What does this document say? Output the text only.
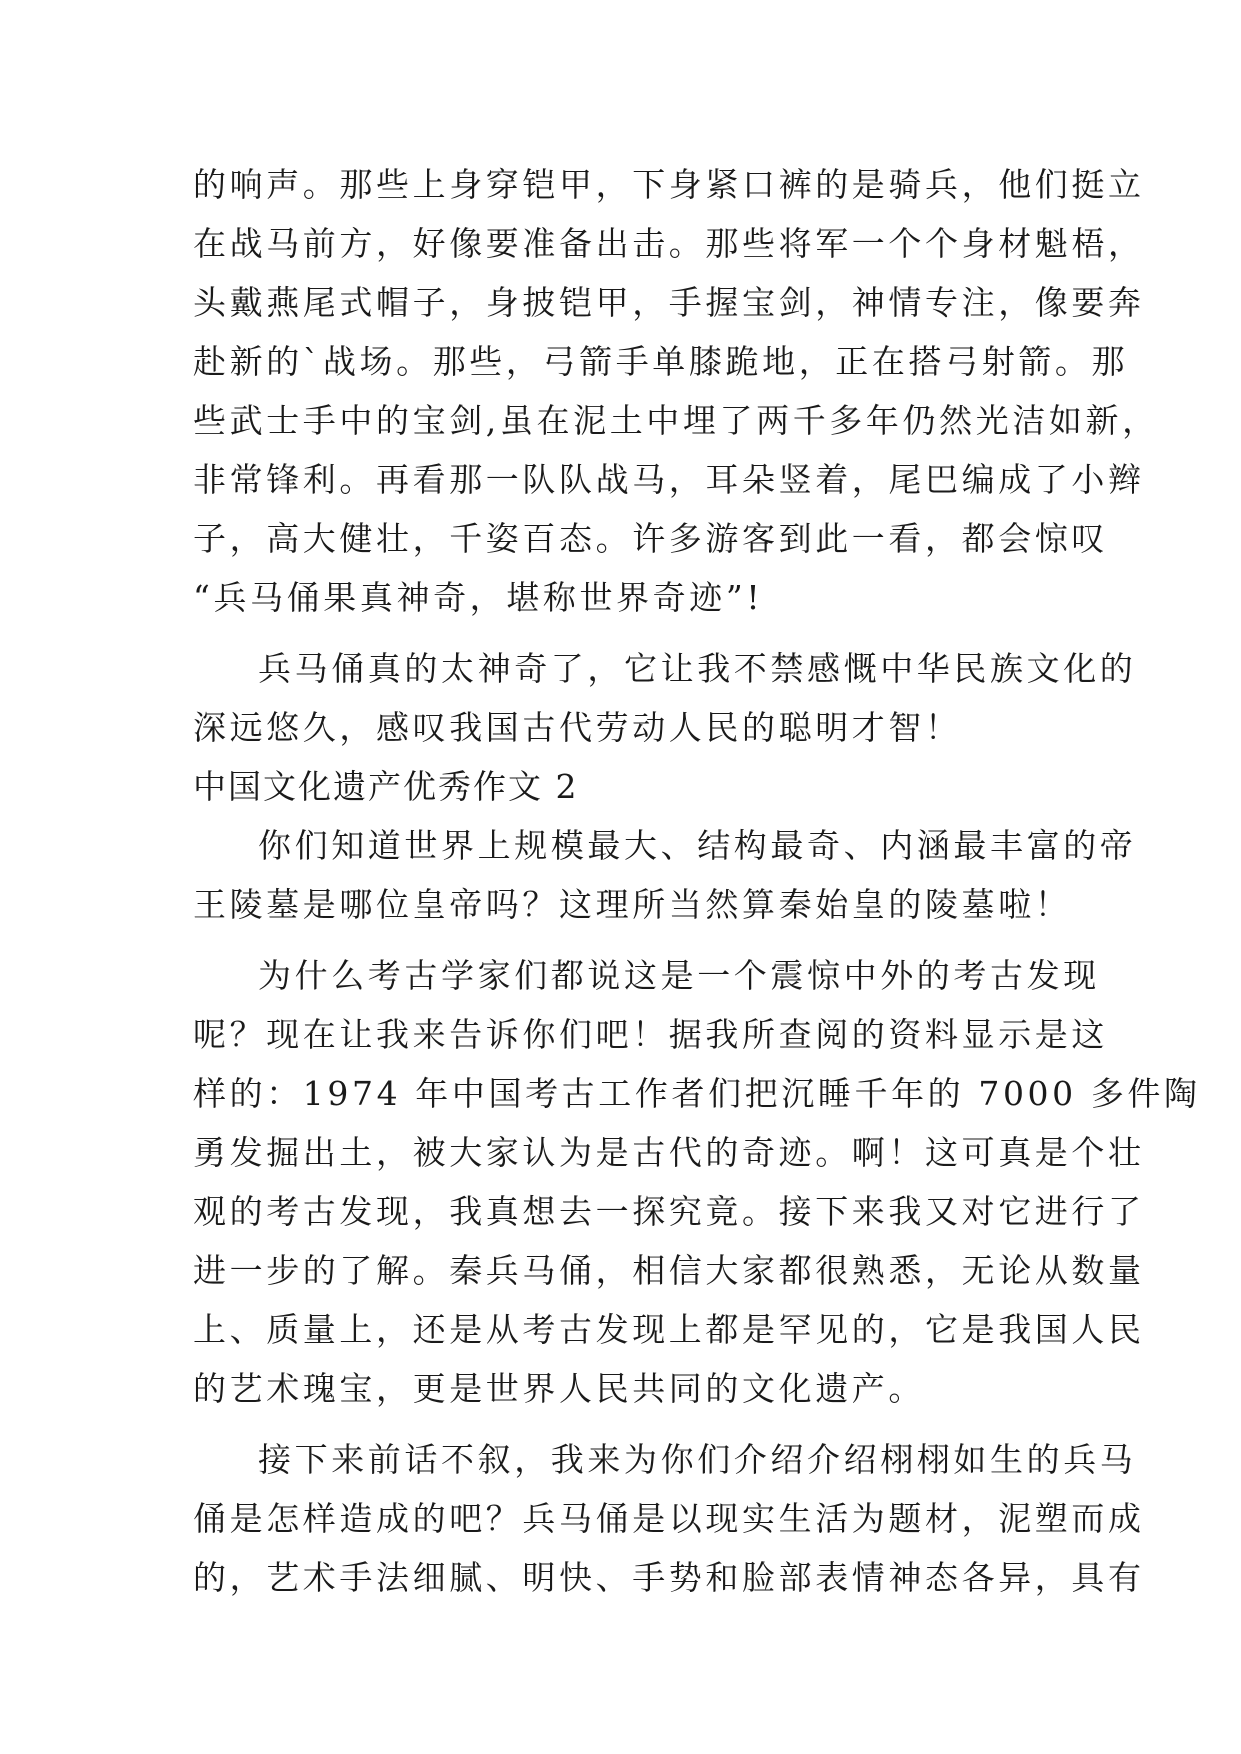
的响声。那些上身穿铠甲，下身紧口裤的是骑兵，他们挺立
在战马前方，好像要准备出击。那些将军一个个身材魁梧，
头戴燕尾式帽子，身披铠甲，手握宝剑，神情专注，像要奔
赴新的`战场。那些，弓箭手单膝跪地，正在搭弓射箭。那
些武士手中的宝剑,虽在泥土中埋了两千多年仍然光洁如新，
非常锋利。再看那一队队战马，耳朵竖着，尾巴编成了小辫
子，高大健壮，千姿百态。许多游客到此一看，都会惊叹
“兵马俑果真神奇，堪称世界奇迹”!
兵马俑真的太神奇了，它让我不禁感慨中华民族文化的
深远悠久，感叹我国古代劳动人民的聪明才智！
中国文化遗产优秀作文 2
你们知道世界上规模最大、结构最奇、内涵最丰富的帝
王陵墓是哪位皇帝吗？这理所当然算秦始皇的陵墓啦！
为什么考古学家们都说这是一个震惊中外的考古发现
呢？现在让我来告诉你们吧！据我所查阅的资料显示是这
样的：1974 年中国考古工作者们把沉睡千年的 7000 多件陶
勇发掘出土，被大家认为是古代的奇迹。啊！这可真是个壮
观的考古发现，我真想去一探究竟。接下来我又对它进行了
进一步的了解。秦兵马俑，相信大家都很熟悉，无论从数量
上、质量上，还是从考古发现上都是罕见的，它是我国人民
的艺术瑰宝，更是世界人民共同的文化遗产。
接下来前话不叙，我来为你们介绍介绍栩栩如生的兵马
俑是怎样造成的吧？兵马俑是以现实生活为题材，泥塑而成
的，艺术手法细腻、明快、手势和脸部表情神态各异，具有
